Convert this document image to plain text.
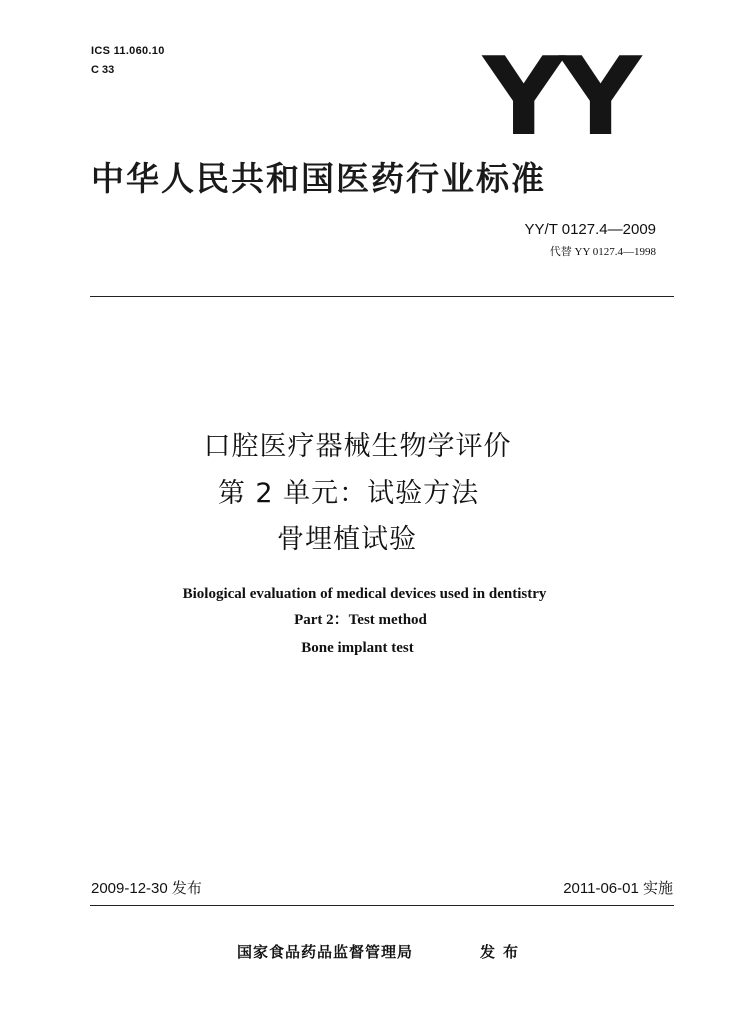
ICS 11.060.10
C 33	YY
中华人民共和国医药行业标准
YY/T 0127.4—2009
代替 YY 0127.4—1998
口腔医疗器械生物学评价
第 2 单元：试验方法
骨埋植试验
Biological evaluation of medical devices used in dentistry
Part 2：Test method
Bone implant test
2009-12-30 发布	2011-06-01 实施
国家食品药品监督管理局	发布
